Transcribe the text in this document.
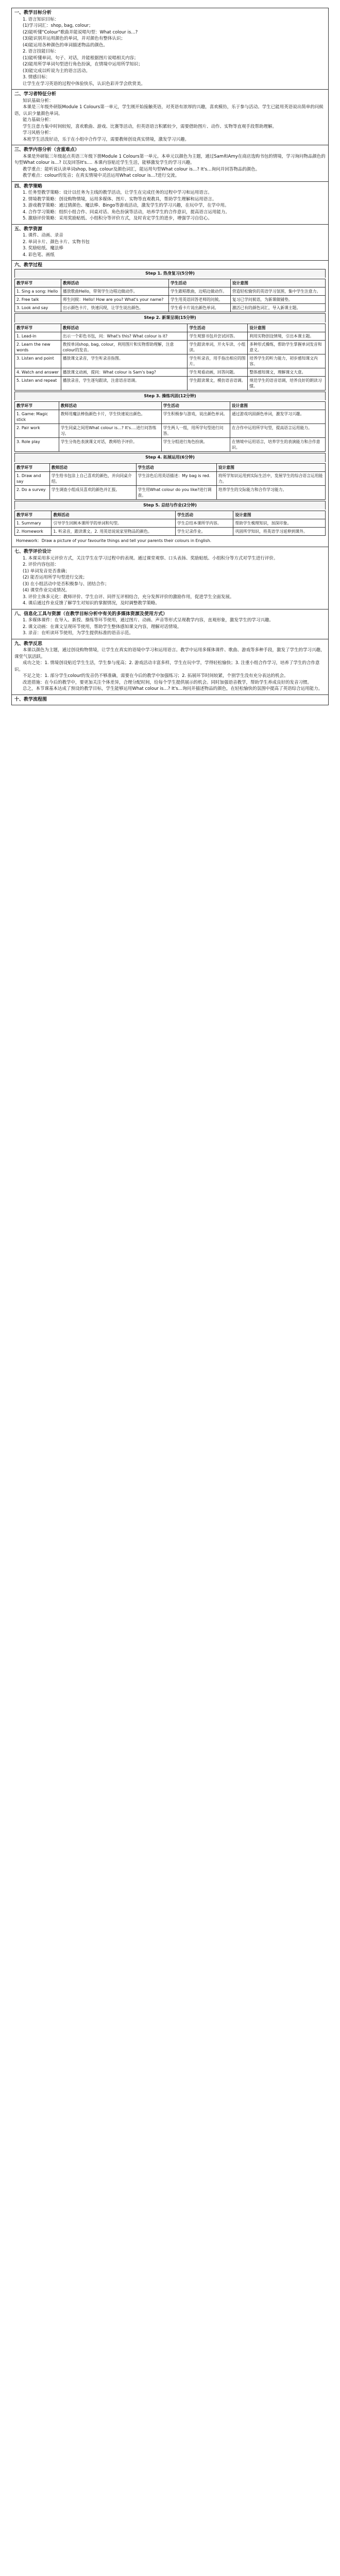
一、教学目标分析
1. 语言知识目标：
(1)学习词汇：shop, bag, colour；
(2)能听懂"Colour"歌曲并能说唱句型：What colour is…?
(3)能识别并运用颜色的单词，并对颜色有整体认识；
(4)能运用各种颜色的单词描述物品的颜色。
2. 语言技能目标：
(1)能听懂单词、句子、对话，并能根据图片说唱相关内容；
(2)能用所学单词句型进行角色扮演，在情境中运用所学知识；
(3)能完成以听说为主的语言活动。
3. 情感目标：
让学生在学习英语的过程中体验快乐，认识色彩并学会欣赏美。
二、学习者特征分析
知识基础分析：
本课是三年级外研版Module 1 Colours第一单元，学生刚开始接触英语，对英语有浓厚的兴趣，喜欢模仿，乐于参与活动。学生已能用英语说出简单的问候语，认识少量颜色单词。
能力基础分析：
学生注意力集中时间较短，喜欢歌曲、游戏、比赛等活动，但英语语言积累较少，需要借助图片、动作、实物等直观手段帮助理解。
学习风格分析：
本班学生活泼好动，乐于在小组中合作学习，需要教师创设真实情境，激发学习兴趣。
三、教学内容分析（含重难点）
本课是外研版三年级起点英语三年级下册Module 1 Colours第一单元。本单元以颜色为主题，通过Sam和Amy在商店选购书包的情境，学习询问物品颜色的句型What colour is…? 以及回答It's…. 本课内容贴近学生生活，能够激发学生的学习兴趣。
教学重点：能听说认读单词shop, bag, colour及颜色词汇，能运用句型What colour is…? It's…询问并回答物品的颜色。
教学难点：colour的发音；在真实情境中灵活运用What colour is…?进行交流。
四、教学策略
1. 任务型教学策略：设计以任务为主线的教学活动，让学生在完成任务的过程中学习和运用语言。
2. 情境教学策略：创设购物情境，运用多媒体、图片、实物等直观教具，帮助学生理解和运用语言。
3. 游戏教学策略：通过猜颜色、魔法棒、Bingo等游戏活动，激发学生的学习兴趣，在玩中学，在学中用。
4. 合作学习策略：组织小组合作、同桌对话、角色扮演等活动，培养学生的合作意识，提高语言运用能力。
5. 激励评价策略：采用奖励贴纸、小组积分等评价方式，及时肯定学生的进步，增强学习自信心。
五、教学资源
1. 课件、动画、录音
2. 单词卡片、颜色卡片、实物书包
3. 奖励贴纸、魔法棒
4. 彩色笔、画纸
六、教学过程
Step 1. 热身复习(5分钟)
教学环节	教师活动	学生活动	设计意图
1. Sing a song: Hello	播放歌曲Hello，带领学生边唱边做动作。	学生跟唱歌曲，边唱边做动作。	营造轻松愉快的英语学习氛围，集中学生注意力。
2. Free talk	师生问候：Hello! How are you? What's your name?	学生用英语回答老师的问候。	复习已学问候语，为新课做铺垫。
3. Look and say	出示颜色卡片，快速闪现，让学生说出颜色。	学生看卡片说出颜色单词。	激活已有的颜色词汇，导入新课主题。
Step 2. 新课呈现(15分钟)
教学环节	教师活动	学生活动	设计意图
1. Lead-in	出示一个彩色书包，问：What's this? What colour is it?	学生观察书包并尝试回答。	利用实物创设情境，引出本课主题。
2. Learn the new words	教授单词shop, bag, colour，利用图片和实物帮助理解，注意colour的发音。	学生跟读单词，开火车读、小组读。	多种形式操练，帮助学生掌握单词发音和意义。
3. Listen and point	播放课文录音，学生听录音指图。	学生听录音，用手指出相应的图片。	培养学生的听力能力，初步感知课文内容。
4. Watch and answer	播放课文动画，提问：What colour is Sam's bag?	学生观看动画，回答问题。	整体感知课文，理解课文大意。
5. Listen and repeat	播放录音，学生逐句跟读，注意语音语调。	学生跟读课文，模仿语音语调。	规范学生的语音语调，培养良好的朗读习惯。
Step 3. 操练巩固(12分钟)
教学环节	教师活动	学生活动	设计意图
1. Game: Magic stick	教师用魔法棒指颜色卡片，学生快速说出颜色。	学生积极参与游戏，说出颜色单词。	通过游戏巩固颜色单词，激发学习兴趣。
2. Pair work	学生同桌之间用What colour is…? It's….进行问答练习。	学生两人一组，用所学句型进行问答。	在合作中运用所学句型，提高语言运用能力。
3. Role play	学生分角色表演课文对话，教师给予评价。	学生分组进行角色扮演。	在情境中运用语言，培养学生的表演能力和合作意识。
Step 4. 拓展运用(6分钟)
教学环节	教师活动	学生活动	设计意图
1. Draw and say	学生给书包涂上自己喜欢的颜色，并向同桌介绍。	学生涂色后用英语描述：My bag is red.	将所学知识运用到实际生活中，发展学生的综合语言运用能力。
2. Do a survey	学生调查小组成员喜欢的颜色并汇报。	学生用What colour do you like?进行调查。	培养学生的交际能力和合作学习能力。
Step 5. 总结与作业(2分钟)
教学环节	教师活动	学生活动	设计意图
1. Summary	引导学生回顾本课所学的单词和句型。	学生总结本课所学内容。	帮助学生梳理知识，加深印象。
2. Homework	1. 听录音，跟读课文。2. 用英语说说家里物品的颜色。	学生记录作业。	巩固所学知识，将英语学习延伸到课外。
Homework：Draw a picture of your favourite things and tell your parents their colours in English.
七、教学评价设计
1. 本课采用多元评价方式，关注学生在学习过程中的表现。通过课堂观察、口头表扬、奖励贴纸、小组积分等方式对学生进行评价。
2. 评价内容包括：
(1) 单词发音是否准确；
(2) 能否运用所学句型进行交流；
(3) 在小组活动中是否积极参与、团结合作；
(4) 课堂作业完成情况。
3. 评价主体多元化：教师评价、学生自评、同伴互评相结合，充分发挥评价的激励作用，促进学生全面发展。
4. 课后通过作业反馈了解学生对知识的掌握情况，及时调整教学策略。
八、信息化工具与资源（在教学目标分析中有关的多媒体资源及使用方式）
1. 多媒体课件：在导入、新授、操练等环节使用，通过图片、动画、声音等形式呈现教学内容，直观形象，激发学生的学习兴趣。
2. 课文动画：在课文呈现环节使用，帮助学生整体感知课文内容，理解对话情境。
3. 录音：在听读环节使用，为学生提供标准的语音示范。
九、教学反思
本课以颜色为主题，通过创设购物情境，让学生在真实的语境中学习和运用语言。教学中运用多媒体课件、歌曲、游戏等多种手段，激发了学生的学习兴趣，课堂气氛活跃。
成功之处：1. 情境创设贴近学生生活，学生参与度高；2. 游戏活动丰富多样，学生在玩中学，学得轻松愉快；3. 注重小组合作学习，培养了学生的合作意识。
不足之处：1. 部分学生colour的发音仍不够准确，需要在今后的教学中加强练习；2. 拓展环节时间较紧，个别学生没有充分表达的机会。
改进措施：在今后的教学中，要更加关注个体差异，合理分配时间，给每个学生提供展示的机会。同时加强语音教学，帮助学生养成良好的发音习惯。
总之，本节课基本达成了预设的教学目标，学生能够运用What colour is…? It's…询问并描述物品的颜色，在轻松愉快的氛围中提高了英语综合运用能力。
十、教学流程图
